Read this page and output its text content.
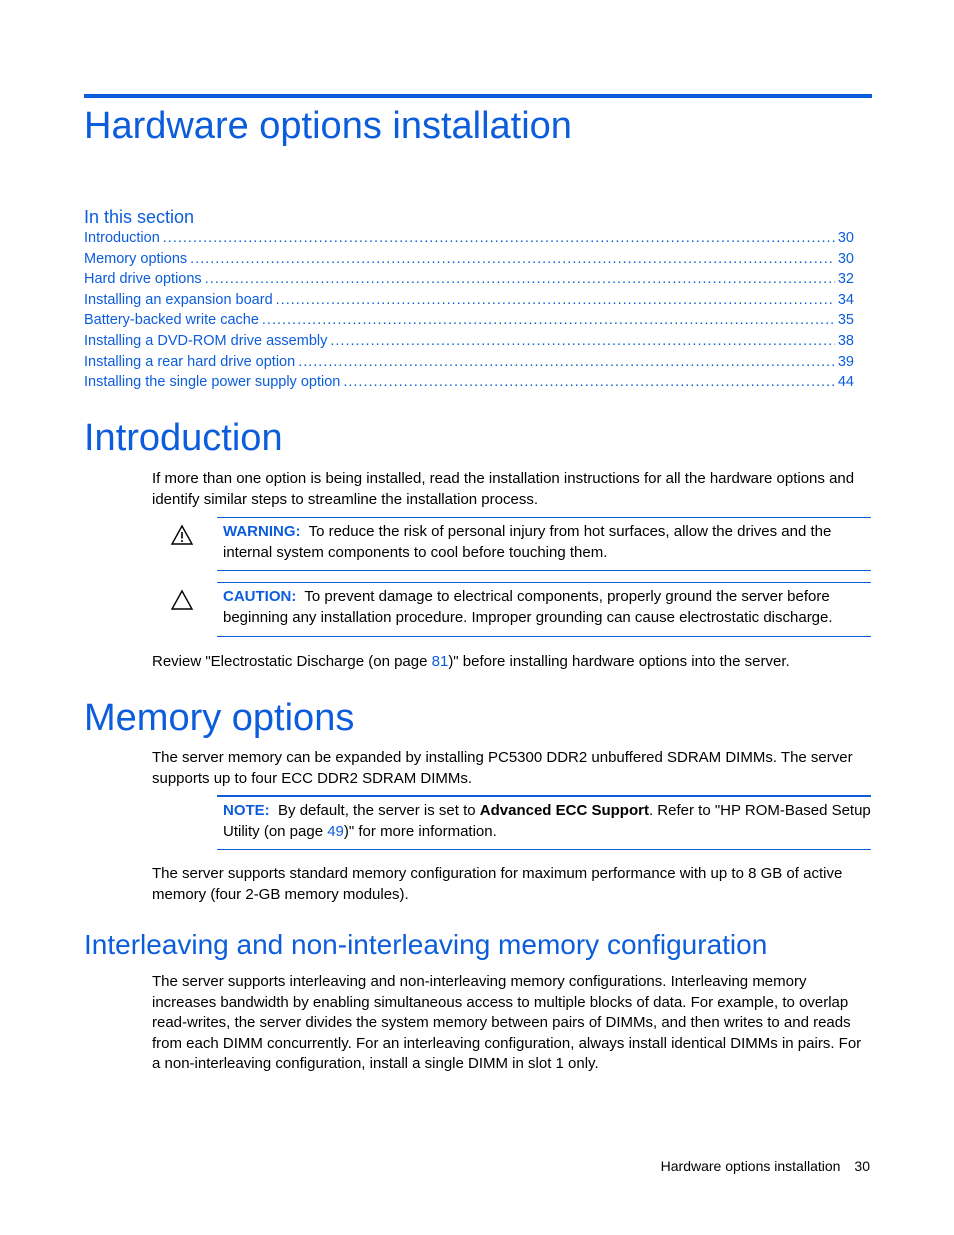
Hardware options installation
In this section
Introduction .....	30
Memory options .....	30
Hard drive options .....	32
Installing an expansion board .....	34
Battery-backed write cache .....	35
Installing a DVD-ROM drive assembly .....	38
Installing a rear hard drive option .....	39
Installing the single power supply option .....	44
Introduction

If more than one option is being installed, read the installation instructions for all the hardware options and identify similar steps to streamline the installation process.

WARNING: To reduce the risk of personal injury from hot surfaces, allow the drives and the internal system components to cool before touching them.
CAUTION: To prevent damage to electrical components, properly ground the server before beginning any installation procedure. Improper grounding can cause electrostatic discharge.

Review "Electrostatic Discharge (on page 81)" before installing hardware options into the server.

Memory options

The server memory can be expanded by installing PC5300 DDR2 unbuffered SDRAM DIMMs. The server supports up to four ECC DDR2 SDRAM DIMMs.

NOTE: By default, the server is set to Advanced ECC Support. Refer to "HP ROM-Based Setup Utility (on page 49)" for more information.

The server supports standard memory configuration for maximum performance with up to 8 GB of active memory (four 2-GB memory modules).

Interleaving and non-interleaving memory configuration

The server supports interleaving and non-interleaving memory configurations. Interleaving memory increases bandwidth by enabling simultaneous access to multiple blocks of data. For example, to overlap read-writes, the server divides the system memory between pairs of DIMMs, and then writes to and reads from each DIMM concurrently. For an interleaving configuration, always install identical DIMMs in pairs. For a non-interleaving configuration, install a single DIMM in slot 1 only.

Hardware options installation 30
